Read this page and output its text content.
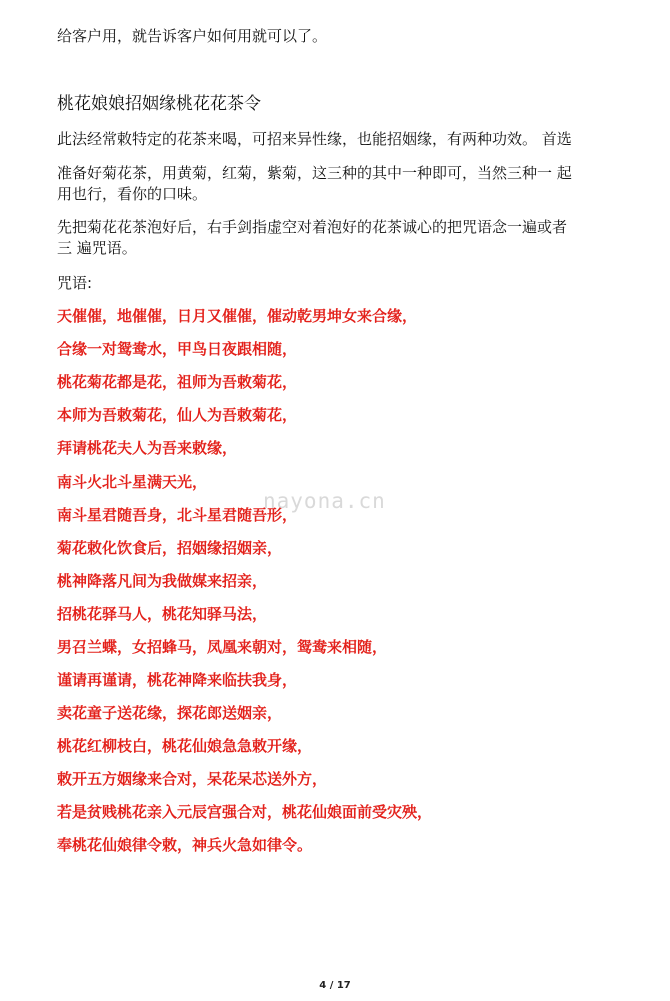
给客户用，就告诉客户如何用就可以了。
桃花娘娘招姻缘桃花花茶令
此法经常敕特定的花茶来喝，可招来异性缘，也能招姻缘，有两种功效。 首选
准备好菊花茶，用黄菊，红菊，紫菊，这三种的其中一种即可，当然三种一 起
用也行，看你的口味。
先把菊花花茶泡好后，右手剑指虚空对着泡好的花茶诚心的把咒语念一遍或者
三 遍咒语。
咒语:
天催催，地催催，日月又催催，催动乾男坤女来合缘，
合缘一对鸳鸯水，甲鸟日夜跟相随，
桃花菊花都是花，祖师为吾敕菊花，
本师为吾敕菊花，仙人为吾敕菊花，
拜请桃花夫人为吾来敕缘，
南斗火北斗星满天光，
南斗星君随吾身，北斗星君随吾形，
菊花敕化饮食后，招姻缘招姻亲，
桃神降落凡间为我做媒来招亲，
招桃花驿马人，桃花知驿马法，
男召兰蝶，女招蜂马，凤凰来朝对，鸳鸯来相随，
谨请再谨请，桃花神降来临扶我身，
卖花童子送花缘，探花郎送姻亲，
桃花红柳枝白，桃花仙娘急急敕开缘，
敕开五方姻缘来合对，呆花呆芯送外方，
若是贫贱桃花亲入元辰宫强合对，桃花仙娘面前受灾殃，
奉桃花仙娘律令敕，神兵火急如律令。
nayona.cn
4 / 17
